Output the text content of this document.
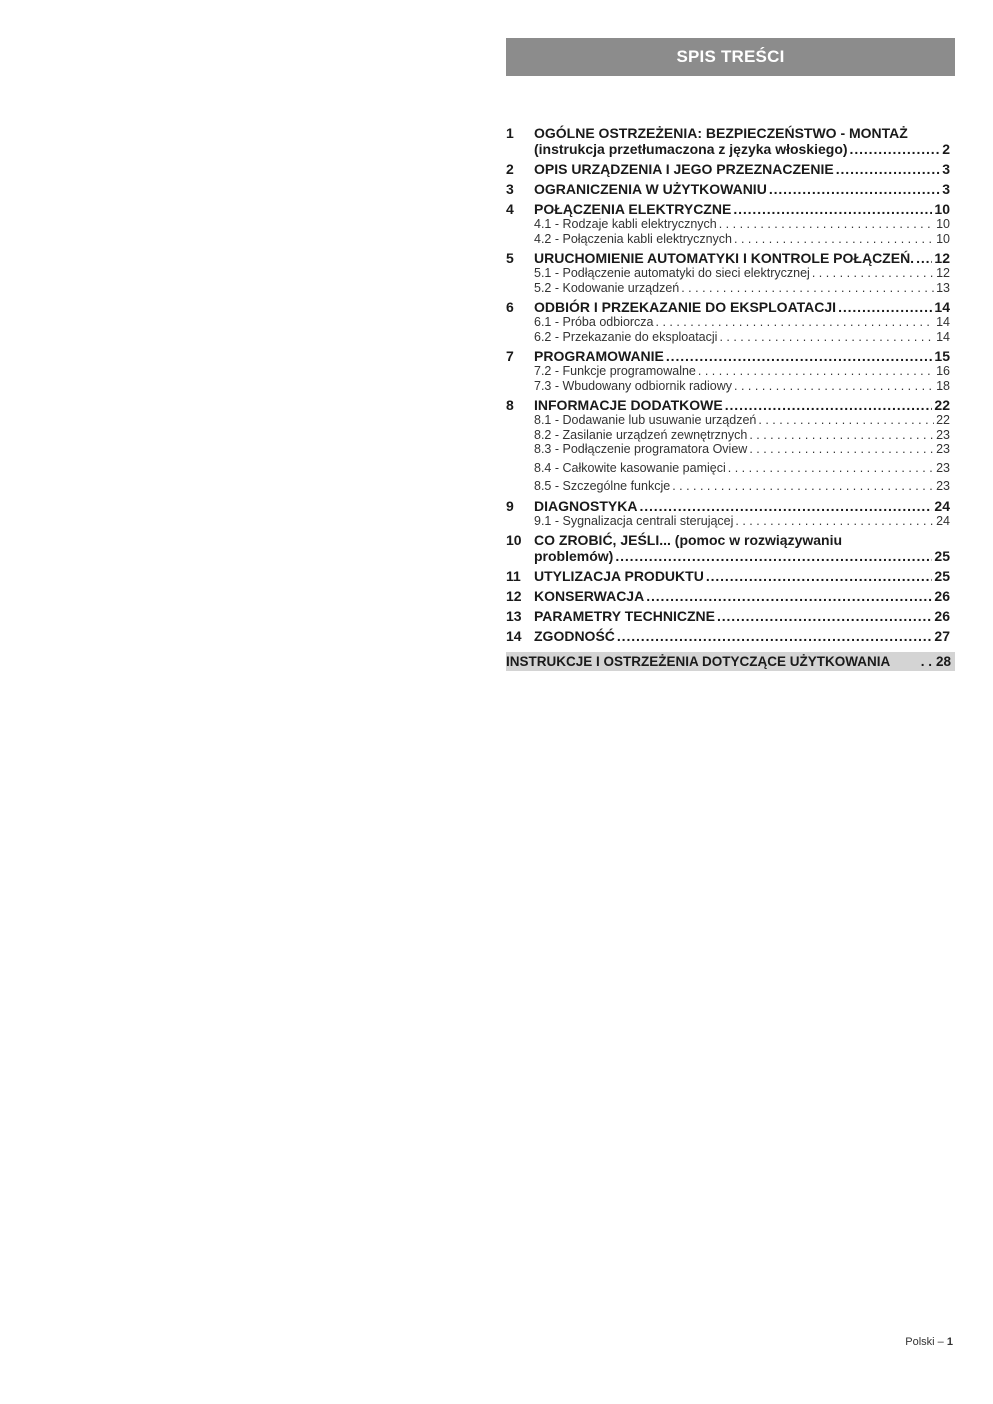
SPIS TREŚCI
1	OGÓLNE OSTRZEŻENIA: BEZPIECZEŃSTWO - MONTAŻ
(instrukcja przetłumaczona z języka włoskiego) . . .	2
2	OPIS URZĄDZENIA I JEGO PRZEZNACZENIE . . .	3
3	OGRANICZENIA W UŻYTKOWANIU . . .	3
4	POŁĄCZENIA ELEKTRYCZNE . . .	10
4.1 - Rodzaje kabli elektrycznych . . .	10
4.2 - Połączenia kabli elektrycznych . . .	10
5	URUCHOMIENIE AUTOMATYKI I KONTROLE POŁĄCZEŃ. . . . 12
5.1 - Podłączenie automatyki do sieci elektrycznej . . .	12
5.2 - Kodowanie urządzeń . . .	13
6	ODBIÓR I PRZEKAZANIE DO EKSPLOATACJI . . .	14
6.1 - Próba odbiorcza . . .	14
6.2 - Przekazanie do eksploatacji . . .	14
7	PROGRAMOWANIE . . .	15
7.2 - Funkcje programowalne . . .	16
7.3 - Wbudowany odbiornik radiowy . . .	18
8	INFORMACJE DODATKOWE . . .	22
8.1 - Dodawanie lub usuwanie urządzeń . . .	22
8.2 - Zasilanie urządzeń zewnętrznych . . .	23
8.3 - Podłączenie programatora Oview . . .	23
8.4 - Całkowite kasowanie pamięci . . .	23
8.5 - Szczególne funkcje . . .	23
9	DIAGNOSTYKA . . .	24
9.1 - Sygnalizacja centrali sterującej . . .	24
10 CO ZROBIĆ, JEŚLI... (pomoc w rozwiązywaniu
problemów) . . .	25
11 UTYLIZACJA PRODUKTU . . .	25
12 KONSERWACJA . . .	26
13 PARAMETRY TECHNICZNE . . .	26
14 ZGODNOŚĆ . . .	27
INSTRUKCJE I OSTRZEŻENIA DOTYCZĄCE UŻYTKOWANIA	. . 28
Polski – 1
